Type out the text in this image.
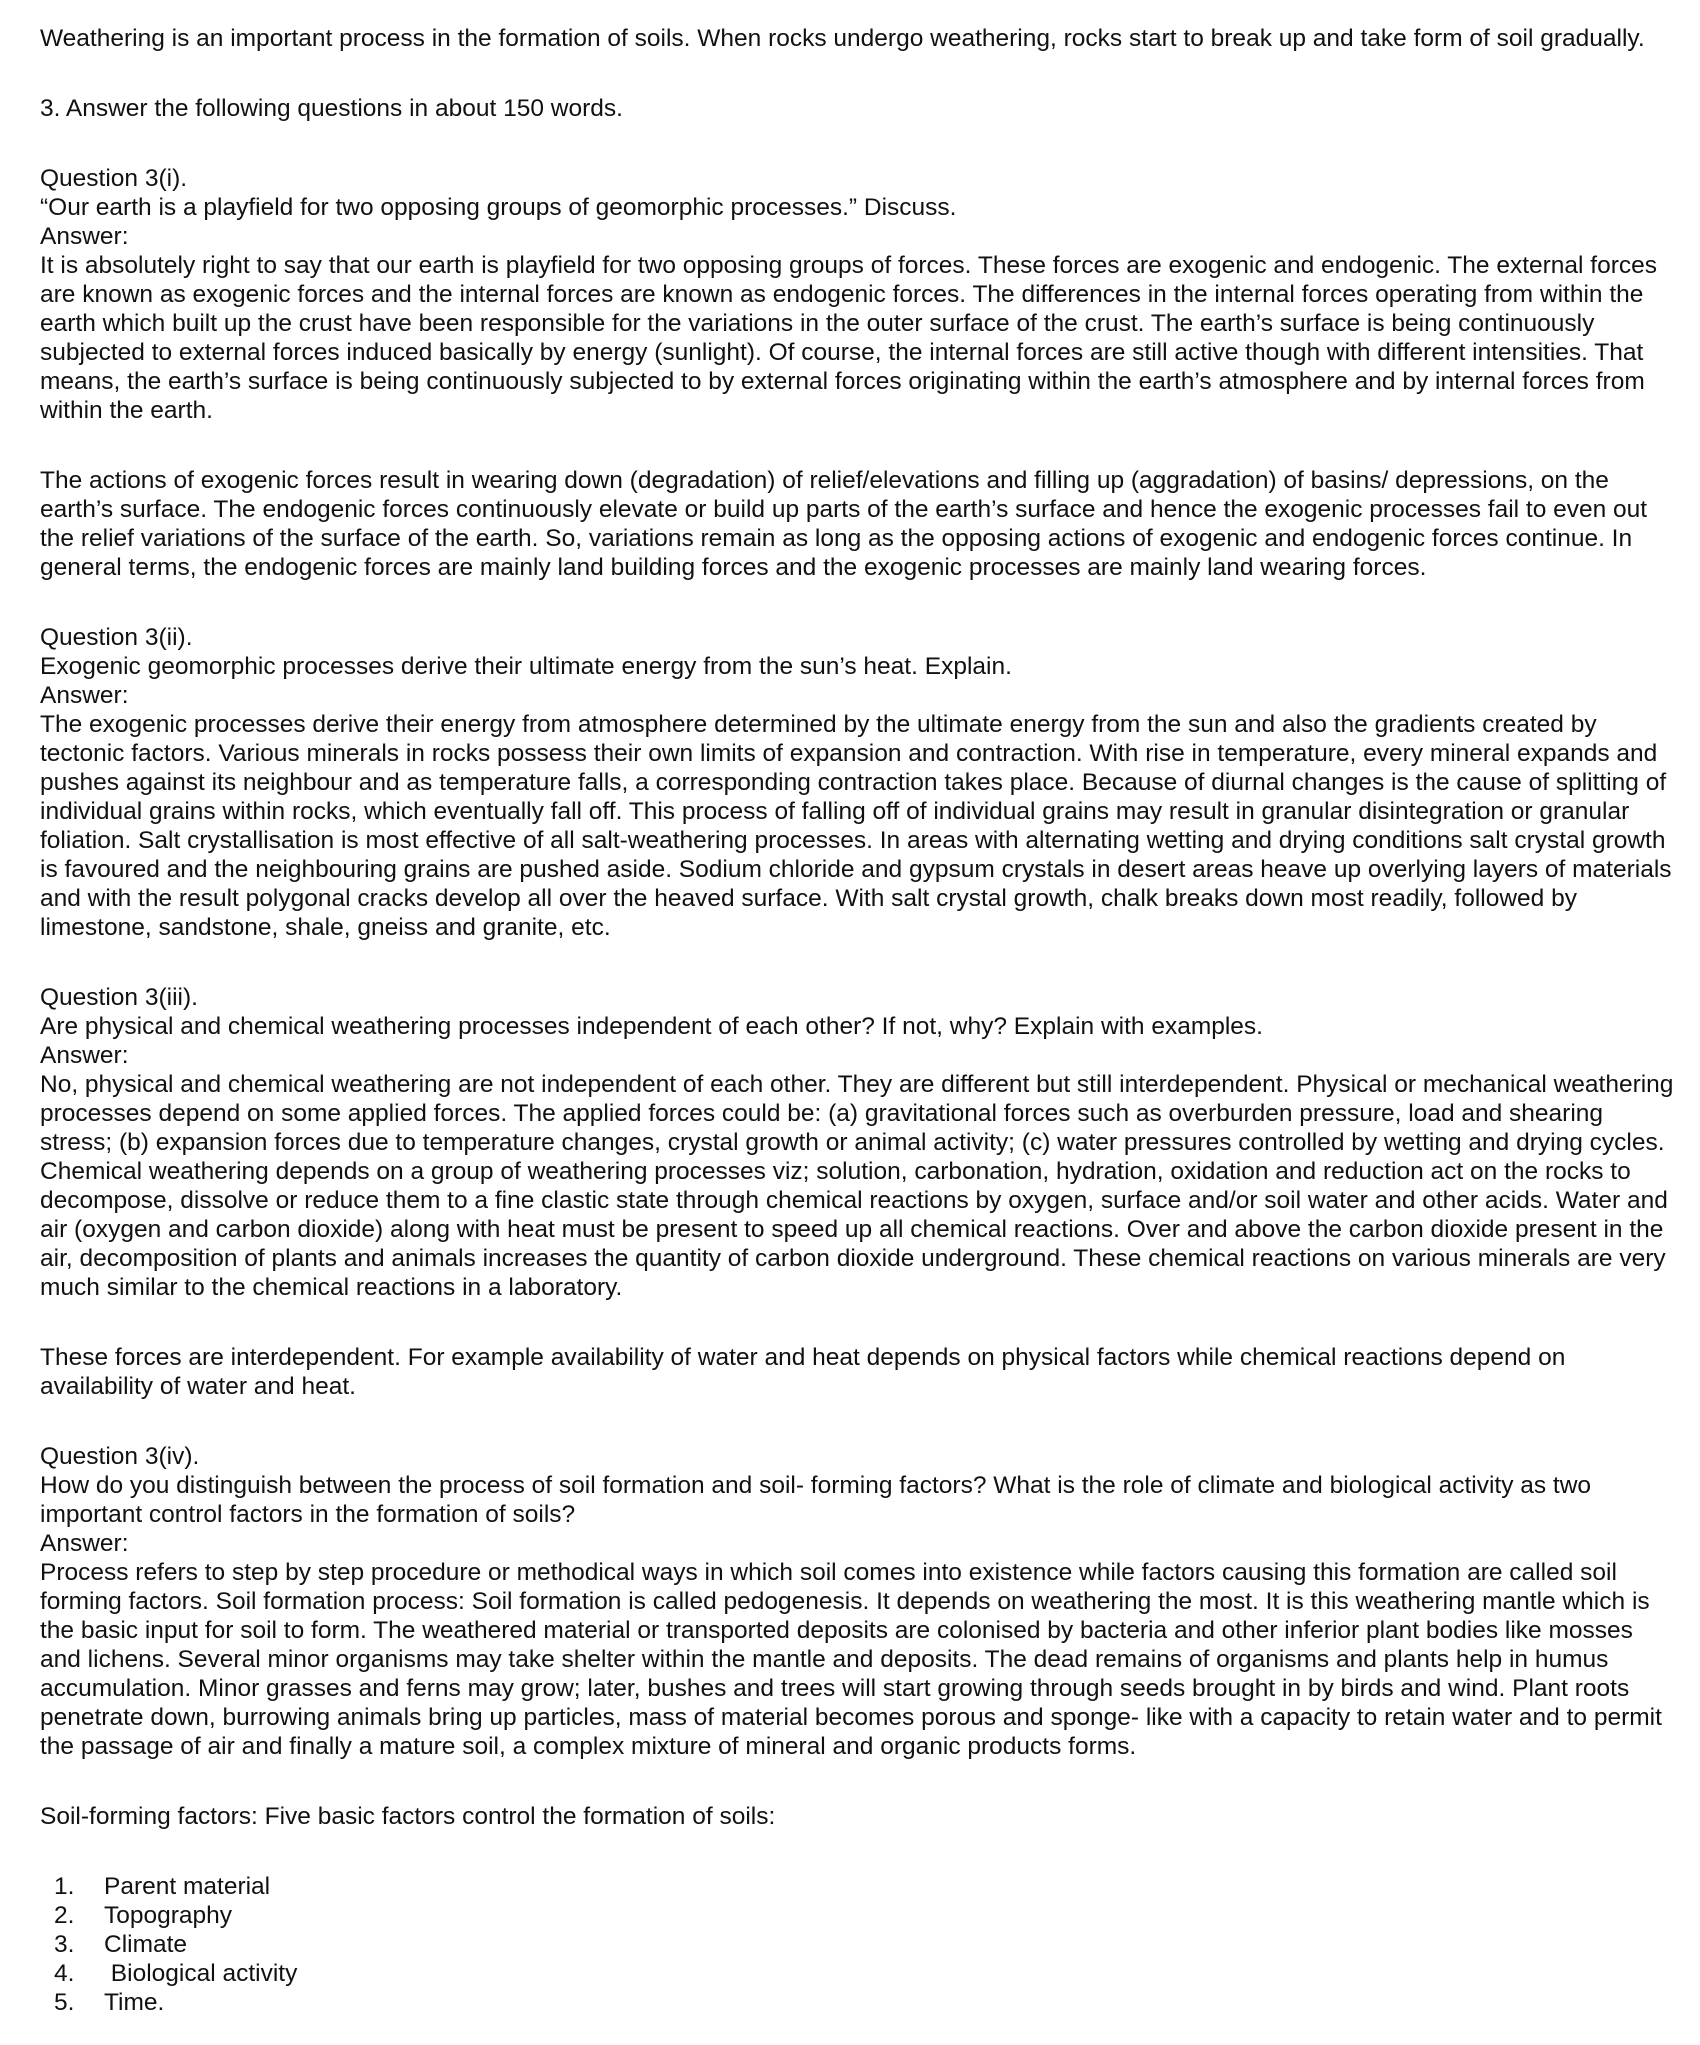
Weathering is an important process in the formation of soils. When rocks undergo weathering, rocks start to break up and take form of soil gradually.

3. Answer the following questions in about 150 words.

Question 3(i).

“Our earth is a playfield for two opposing groups of geomorphic processes.” Discuss.

Answer:

It is absolutely right to say that our earth is playfield for two opposing groups of forces. These forces are exogenic and endogenic. The external forces are known as exogenic forces and the internal forces are known as endogenic forces. The differences in the internal forces operating from within the earth which built up the crust have been responsible for the variations in the outer surface of the crust. The earth’s surface is being continuously subjected to external forces induced basically by energy (sunlight). Of course, the internal forces are still active though with different intensities. That means, the earth’s surface is being continuously subjected to by external forces originating within the earth’s atmosphere and by internal forces from within the earth.

The actions of exogenic forces result in wearing down (degradation) of relief/elevations and filling up (aggradation) of basins/ depressions, on the earth’s surface. The endogenic forces continuously elevate or build up parts of the earth’s surface and hence the exogenic processes fail to even out the relief variations of the surface of the earth. So, variations remain as long as the opposing actions of exogenic and endogenic forces continue. In general terms, the endogenic forces are mainly land building forces and the exogenic processes are mainly land wearing forces.

Question 3(ii).

Exogenic geomorphic processes derive their ultimate energy from the sun’s heat. Explain.

Answer:

The exogenic processes derive their energy from atmosphere determined by the ultimate energy from the sun and also the gradients created by tectonic factors. Various minerals in rocks possess their own limits of expansion and contraction. With rise in temperature, every mineral expands and pushes against its neighbour and as temperature falls, a corresponding contraction takes place. Because of diurnal changes is the cause of splitting of individual grains within rocks, which eventually fall off. This process of falling off of individual grains may result in granular disintegration or granular foliation. Salt crystallisation is most effective of all salt-weathering processes. In areas with alternating wetting and drying conditions salt crystal growth is favoured and the neighbouring grains are pushed aside. Sodium chloride and gypsum crystals in desert areas heave up overlying layers of materials and with the result polygonal cracks develop all over the heaved surface. With salt crystal growth, chalk breaks down most readily, followed by limestone, sandstone, shale, gneiss and granite, etc.

Question 3(iii).

Are physical and chemical weathering processes independent of each other? If not, why? Explain with examples.

Answer:

No, physical and chemical weathering are not independent of each other. They are different but still interdependent. Physical or mechanical weathering processes depend on some applied forces. The applied forces could be: (a) gravitational forces such as overburden pressure, load and shearing stress; (b) expansion forces due to temperature changes, crystal growth or animal activity; (c) water pressures controlled by wetting and drying cycles. Chemical weathering depends on a group of weathering processes viz; solution, carbonation, hydration, oxidation and reduction act on the rocks to decompose, dissolve or reduce them to a fine clastic state through chemical reactions by oxygen, surface and/or soil water and other acids. Water and air (oxygen and carbon dioxide) along with heat must be present to speed up all chemical reactions. Over and above the carbon dioxide present in the air, decomposition of plants and animals increases the quantity of carbon dioxide underground. These chemical reactions on various minerals are very much similar to the chemical reactions in a laboratory.

These forces are interdependent. For example availability of water and heat depends on physical factors while chemical reactions depend on availability of water and heat.

Question 3(iv).

How do you distinguish between the process of soil formation and soil- forming factors? What is the role of climate and biological activity as two important control factors in the formation of soils?

Answer:

Process refers to step by step procedure or methodical ways in which soil comes into existence while factors causing this formation are called soil forming factors. Soil formation process: Soil formation is called pedogenesis. It depends on weathering the most. It is this weathering mantle which is the basic input for soil to form. The weathered material or transported deposits are colonised by bacteria and other inferior plant bodies like mosses and lichens. Several minor organisms may take shelter within the mantle and deposits. The dead remains of organisms and plants help in humus accumulation. Minor grasses and ferns may grow; later, bushes and trees will start growing through seeds brought in by birds and wind. Plant roots penetrate down, burrowing animals bring up particles, mass of material becomes porous and sponge- like with a capacity to retain water and to permit the passage of air and finally a mature soil, a complex mixture of mineral and organic products forms.

Soil-forming factors: Five basic factors control the formation of soils:

1. Parent material
2. Topography
3. Climate
4. Biological activity
5. Time.
